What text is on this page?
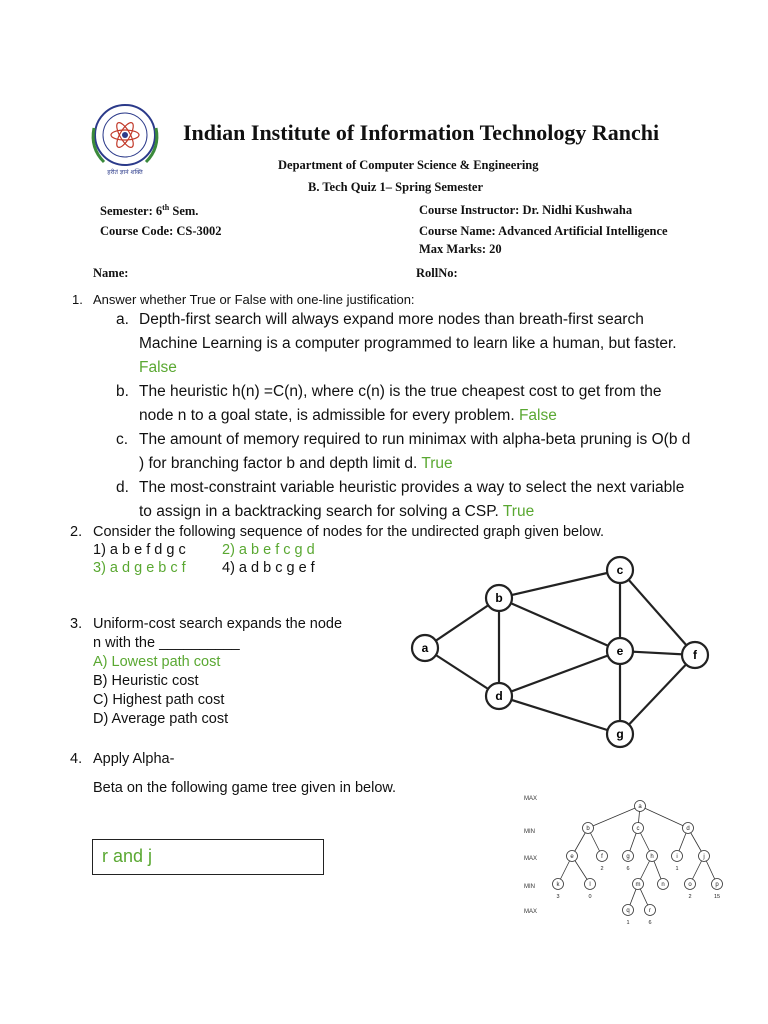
हरीतं ज्ञानं शक्ति
Indian Institute of Information Technology Ranchi
Department of Computer Science & Engineering
B. Tech Quiz 1– Spring Semester
Semester: 6th Sem.	Course Instructor: Dr. Nidhi Kushwaha
Course Code: CS-3002	Course Name: Advanced Artificial Intelligence
Max Marks: 20
Name:	RollNo:
1. Answer whether True or False with one-line justification:
a. Depth-first search will always expand more nodes than breath-first search Machine Learning is a computer programmed to learn like a human, but faster. False
b. The heuristic h(n) =C(n), where c(n) is the true cheapest cost to get from the node n to a goal state, is admissible for every problem. False
c. The amount of memory required to run minimax with alpha-beta pruning is O(b d ) for branching factor b and depth limit d. True
d. The most-constraint variable heuristic provides a way to select the next variable to assign in a backtracking search for solving a CSP. True
2. Consider the following sequence of nodes for the undirected graph given below.
1) a b e f d g c	2) a b e f c g d
3) a d g e b c f	4) a d b c g e f
a
b
c
d
e	f
g
3. Uniform-cost search expands the node
n with the __________
A) Lowest path cost
B) Heuristic cost
C) Highest path cost
D) Average path cost
4. Apply Alpha-
Beta on the following game tree given in below.
r and j
MAX
MIN
MAX
MIN
MAX
a
b	c	d
e	f	g	h	i	j
k	l	m	n	o	p
q	r
2	6	1
3	0	2	15
1	6
